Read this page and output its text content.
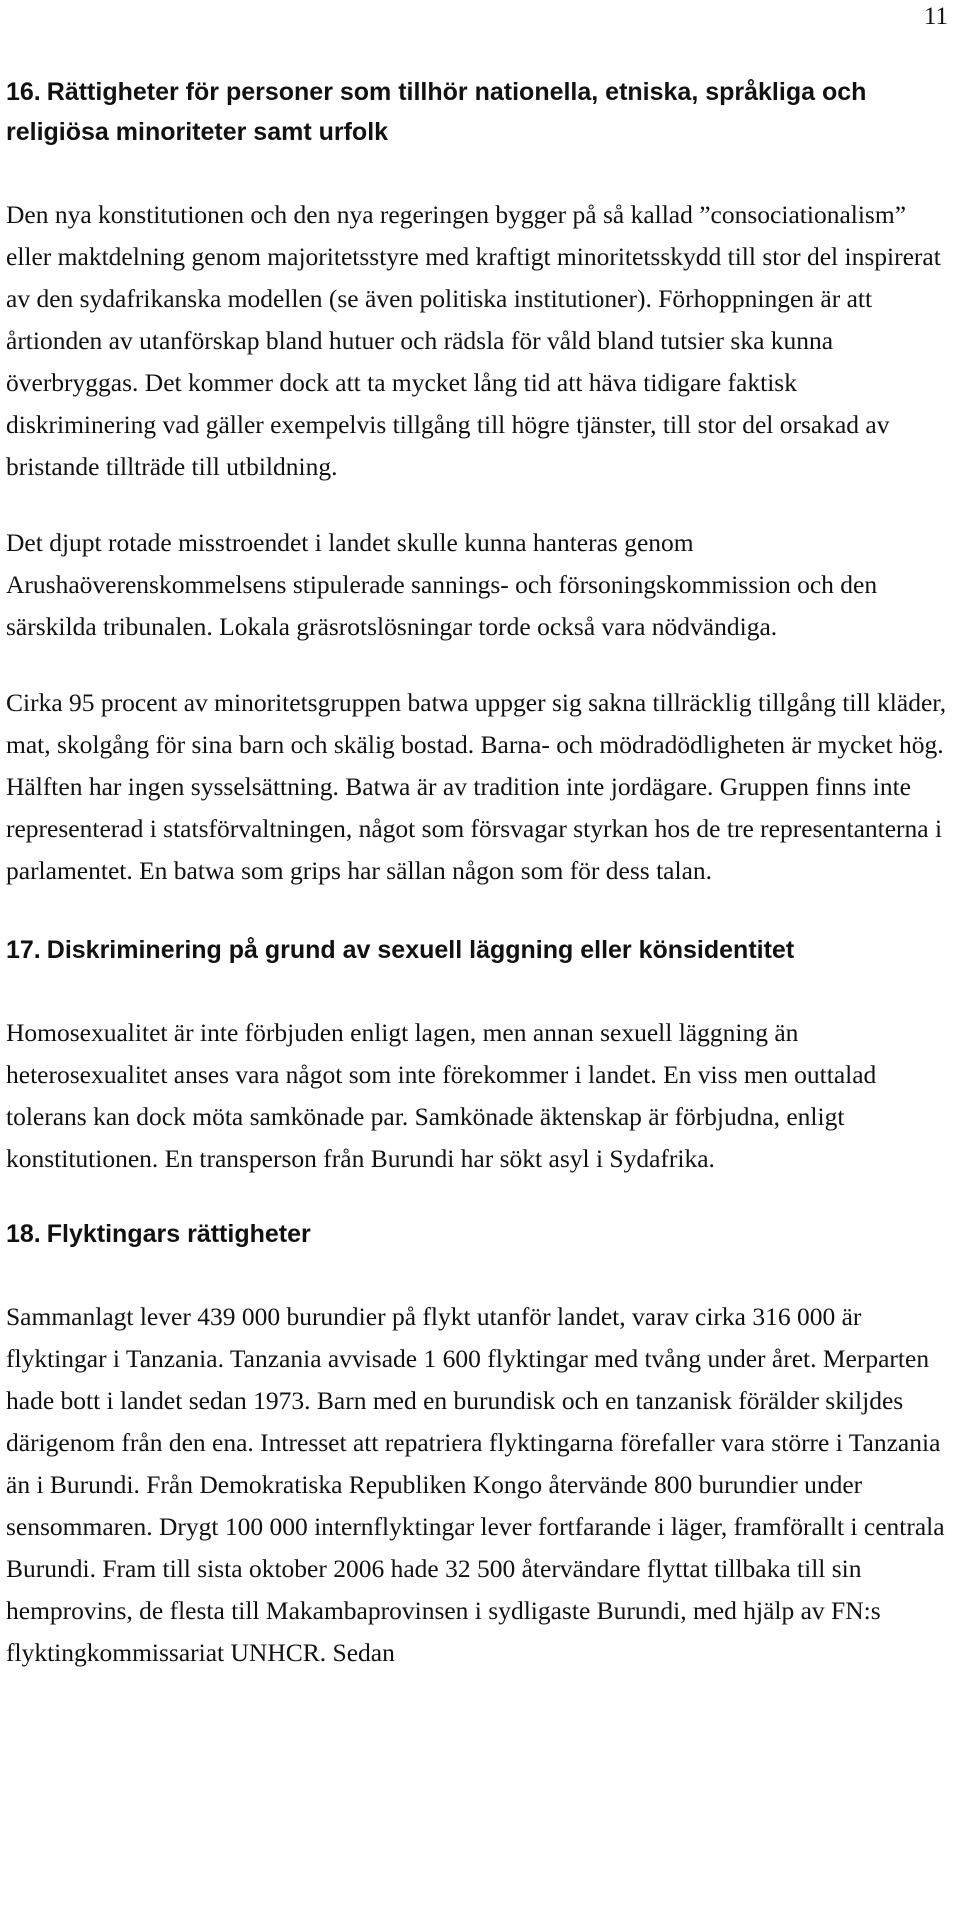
11
16. Rättigheter för personer som tillhör nationella, etniska, språkliga och religiösa minoriteter samt urfolk

Den nya konstitutionen och den nya regeringen bygger på så kallad ”consociationalism” eller maktdelning genom majoritetsstyre med kraftigt minoritetsskydd till stor del inspirerat av den sydafrikanska modellen (se även politiska institutioner). Förhoppningen är att årtionden av utanförskap bland hutuer och rädsla för våld bland tutsier ska kunna överbryggas. Det kommer dock att ta mycket lång tid att häva tidigare faktisk diskriminering vad gäller exempelvis tillgång till högre tjänster, till stor del orsakad av bristande tillträde till utbildning.

Det djupt rotade misstroendet i landet skulle kunna hanteras genom Arushaöverenskommelsens stipulerade sannings- och försoningskommission och den särskilda tribunalen. Lokala gräsrotslösningar torde också vara nödvändiga.

Cirka 95 procent av minoritetsgruppen batwa uppger sig sakna tillräcklig tillgång till kläder, mat, skolgång för sina barn och skälig bostad. Barna- och mödradödligheten är mycket hög. Hälften har ingen sysselsättning. Batwa är av tradition inte jordägare. Gruppen finns inte representerad i statsförvaltningen, något som försvagar styrkan hos de tre representanterna i parlamentet. En batwa som grips har sällan någon som för dess talan.

17. Diskriminering på grund av sexuell läggning eller könsidentitet

Homosexualitet är inte förbjuden enligt lagen, men annan sexuell läggning än heterosexualitet anses vara något som inte förekommer i landet. En viss men outtalad tolerans kan dock möta samkönade par. Samkönade äktenskap är förbjudna, enligt konstitutionen. En transperson från Burundi har sökt asyl i Sydafrika.

18. Flyktingars rättigheter

Sammanlagt lever 439 000 burundier på flykt utanför landet, varav cirka 316 000 är flyktingar i Tanzania. Tanzania avvisade 1 600 flyktingar med tvång under året. Merparten hade bott i landet sedan 1973. Barn med en burundisk och en tanzanisk förälder skiljdes därigenom från den ena. Intresset att repatriera flyktingarna förefaller vara större i Tanzania än i Burundi. Från Demokratiska Republiken Kongo återvände 800 burundier under sensommaren. Drygt 100 000 internflyktingar lever fortfarande i läger, framförallt i centrala Burundi. Fram till sista oktober 2006 hade 32 500 återvändare flyttat tillbaka till sin hemprovins, de flesta till Makambaprovinsen i sydligaste Burundi, med hjälp av FN:s flyktingkommissariat UNHCR. Sedan
